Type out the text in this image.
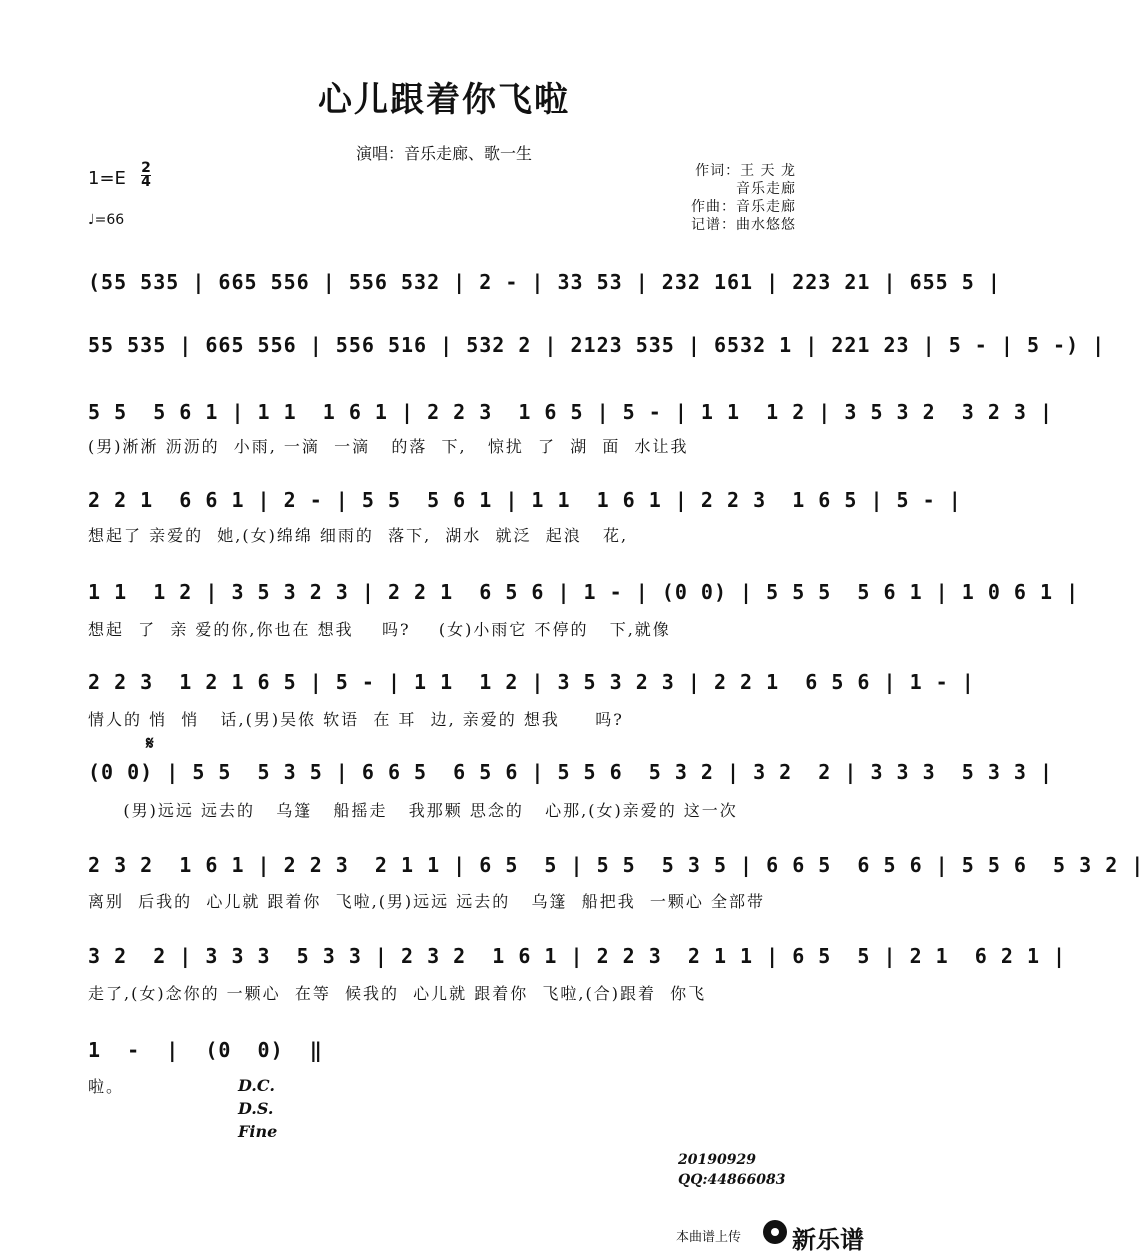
心儿跟着你飞啦
演唱：音乐走廊、歌一生
作词：王 天 龙
音乐走廊
作曲：音乐走廊
记谱：曲水悠悠
1=E 2
4
♩=66
(55 535 | 665 556 | 556 532 | 2 - | 33 53 | 232 161 | 223 21 | 655 5 |
55 535 | 665 556 | 556 516 | 532 2 | 2123 535 | 6532 1 | 221 23 | 5 - | 5 -) |
5 5  5 6 1 | 1 1  1 6 1 | 2 2 3  1 6 5 | 5 - | 1 1  1 2 | 3 5 3 2  3 2 3 |
(男)淅淅 沥沥的  小雨, 一滴  一滴   的落  下,   惊扰  了  湖  面  水让我
2 2 1  6 6 1 | 2 - | 5 5  5 6 1 | 1 1  1 6 1 | 2 2 3  1 6 5 | 5 - |
想起了 亲爱的  她,(女)绵绵 细雨的  落下,  湖水  就泛  起浪   花,
1 1  1 2 | 3 5 3 2 3 | 2 2 1  6 5 6 | 1 - | (0 0) | 5 5 5  5 6 1 | 1 0 6 1 |
想起  了  亲 爱的你,你也在 想我    吗?    (女)小雨它 不停的   下,就像
2 2 3  1 2 1 6 5 | 5 - | 1 1  1 2 | 3 5 3 2 3 | 2 2 1  6 5 6 | 1 - |
情人的 悄  悄   话,(男)吴侬 软语  在 耳  边, 亲爱的 想我     吗?
𝄋
(0 0) | 5 5  5 3 5 | 6 6 5  6 5 6 | 5 5 6  5 3 2 | 3 2  2 | 3 3 3  5 3 3 |
(男)远远 远去的   乌篷   船摇走   我那颗 思念的   心那,(女)亲爱的 这一次
2 3 2  1 6 1 | 2 2 3  2 1 1 | 6 5  5 | 5 5  5 3 5 | 6 6 5  6 5 6 | 5 5 6  5 3 2 |
离别  后我的  心儿就 跟着你  飞啦,(男)远远 远去的   乌篷  船把我  一颗心 全部带
3 2  2 | 3 3 3  5 3 3 | 2 3 2  1 6 1 | 2 2 3  2 1 1 | 6 5  5 | 2 1  6 2 1 |
走了,(女)念你的 一颗心  在等  候我的  心儿就 跟着你  飞啦,(合)跟着  你飞
1  -  |  (0  0)  ‖
啦。	D.C.
D.S.
Fine
20190929
QQ:44866083
本曲谱上传 新乐谱
